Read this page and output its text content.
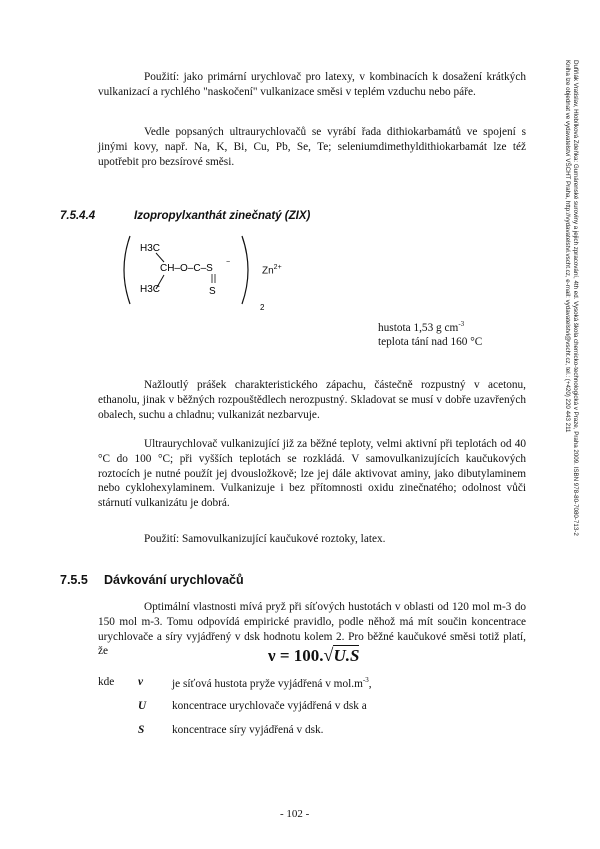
Dufiňák Vratislav, Hlobílková Zdeňka: Gumárenské suroviny a jejich zpracování, 4th ed. Vysoká škola chemicko-technologická v Praze, Praha 2009. ISBN 978-80-7080-713-2
Kniha lze objednat ve vydavatelství VŠCHT Praha, http://vydavatelstvi.vscht.cz, e-mail: vydavatelstvi@vscht.cz, tel.: (+420) 220 443 211

Použití: jako primární urychlovač pro latexy, v kombinacích k dosažení krátkých vulkanizací a rychlého "naskočení" vulkanizace směsi v teplém vzduchu nebo páře.

Vedle popsaných ultraurychlovačů se vyrábí řada dithiokarbamátů ve spojení s jinými kovy, např. Na, K, Bi, Cu, Pb, Se, Te; seleniumdimethyldithiokarbamát lze též upotřebit pro bezsírové směsi.

7.5.4.4	Izopropylxanthát zinečnatý (ZIX)
H3C
CH–O–C–S
−
H3C	S
2
$Zn^{2+}$
hustota 1,53 g $cm^{-3}$
teplota tání nad 160 °C

Nažloutlý prášek charakteristického zápachu, částečně rozpustný v acetonu, ethanolu, jinak v běžných rozpouštědlech nerozpustný. Skladovat se musí v dobře uzavřených obalech, suchu a chladnu; vulkanizát nezbarvuje.

Ultraurychlovač vulkanizující již za běžné teploty, velmi aktivní při teplotách od 40 °C do 100 °C; při vyšších teplotách se rozkládá. V samovulkanizujících kaučukových roztocích je nutné použít jej dvousložkově; lze jej dále aktivovat aminy, jako dibutylaminem nebo cyklohexylaminem. Vulkanizuje i bez přítomnosti oxidu zinečnatého; odolnost vůči stárnutí vulkanizátu je dobrá.

Použití: Samovulkanizující kaučukové roztoky, latex.

7.5.5 Dávkování urychlovačů

Optimální vlastnosti mívá pryž při síťových hustotách v oblasti od 120 mol m-3 do 150 mol m-3. Tomu odpovídá empirické pravidlo, podle něhož má mít součin koncentrace urychlovače a síry vyjádřený v dsk hodnotu kolem 2. Pro běžné kaučukové směsi totiž platí, že	ν = 100.√U.S
kde ν	je síťová hustota pryže vyjádřená v $mol.m^{-3}$,
U koncentrace urychlovače vyjádřená v dsk a
S koncentrace síry vyjádřená v dsk.
- 102 -
